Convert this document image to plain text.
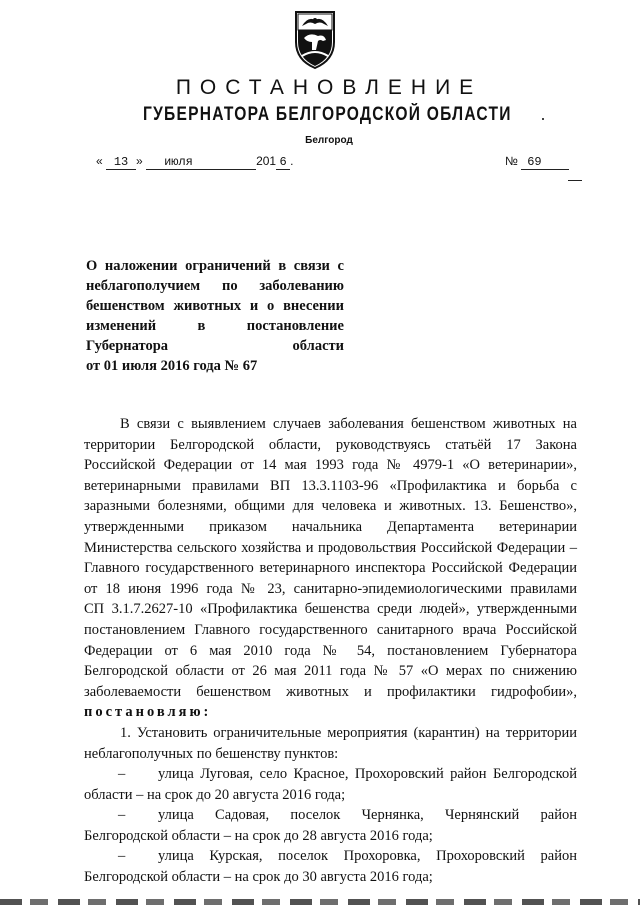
ПОСТАНОВЛЕНИЕ
ГУБЕРНАТОРА БЕЛГОРОДСКОЙ ОБЛАСТИ
Белгород
« 13 » июля	201 6 .	№ 69
О наложении ограничений в связи с
неблагополучием по заболеванию
бешенством животных и о внесении
изменений	в	постановление
Губернатора	области
от 01 июля 2016 года № 67
В связи с выявлением случаев заболевания бешенством животных на
территории Белгородской области, руководствуясь статьёй 17 Закона
Российской Федерации от 14 мая 1993 года № 4979-1 «О ветеринарии»,
ветеринарными правилами ВП 13.3.1103-96 «Профилактика и борьба с
заразными болезнями, общими для человека и животных. 13. Бешенство»,
утвержденными приказом начальника Департамента ветеринарии
Министерства сельского хозяйства и продовольствия Российской Федерации –
Главного государственного ветеринарного инспектора Российской Федерации
от 18 июня 1996 года № 23, санитарно-эпидемиологическими правилами
СП 3.1.7.2627-10 «Профилактика бешенства среди людей», утвержденными
постановлением Главного государственного санитарного врача Российской
Федерации от 6 мая 2010 года № 54, постановлением Губернатора
Белгородской области от 26 мая 2011 года № 57 «О мерах по снижению
заболеваемости бешенством животных и профилактики гидрофобии»,
постановляю:
1. Установить ограничительные мероприятия (карантин) на территории
неблагополучных по бешенству пунктов:
–	улица Луговая, село Красное, Прохоровский район Белгородской
области – на срок до 20 августа 2016 года;
–	улица Садовая, поселок Чернянка, Чернянский район
Белгородской области – на срок до 28 августа 2016 года;
–	улица Курская, поселок Прохоровка, Прохоровский район
Белгородской области – на срок до 30 августа 2016 года;
